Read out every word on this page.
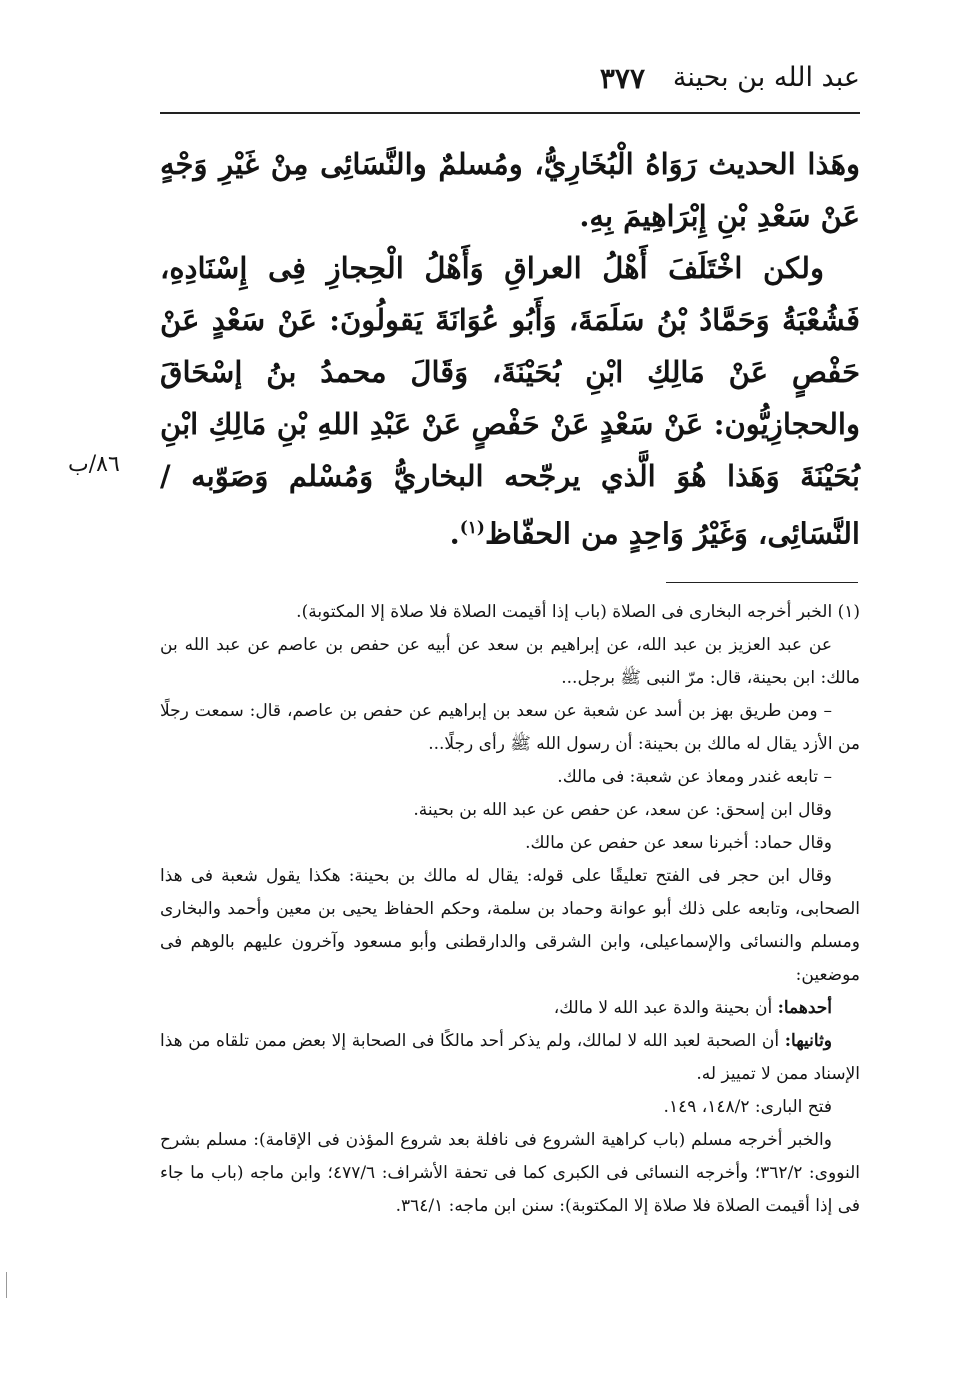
عبد الله بن بحينة
٣٧٧

وهَذا الحديث رَوَاهُ الْبُخَارِيُّ، ومُسلمٌ والنَّسَائِى مِنْ غَيْرِ وَجْهٍ عَنْ سَعْدِ بْنِ إِبْرَاهِيمَ بِهِ.

ولكن اخْتَلَفَ أَهْلُ العراقِ وَأَهْلُ الْحِجازِ فِى إِسْنَادِهِ، فَشُعْبَةُ وَحَمَّادُ بْنُ سَلَمَةَ، وَأَبُو عُوَانَةَ يَقولُونَ: عَنْ سَعْدٍ عَنْ حَفْصٍ عَنْ مَالِكِ ابْنِ بُحَيْنَةَ، وَقَالَ محمدُ بنُ إسْحَاقَ والحجازِيُّون: عَنْ سَعْدٍ عَنْ حَفْصٍ عَنْ عَبْدِ اللهِ بْنِ مَالِكِ ابْنِ بُحَيْنَةَ وَهَذا هُوَ الَّذي يرجّحه البخاريُّ وَمُسْلم وَصَوّبه / النَّسَائِى، وَغَيْرُ وَاحِدٍ من الحفّاظ$^{(١)}$.

٨٦/ب

(١) الخبر أخرجه البخارى فى الصلاة (باب إذا أقيمت الصلاة فلا صلاة إلا المكتوبة).

عن عبد العزيز بن عبد الله، عن إبراهيم بن سعد عن أبيه عن حفص بن عاصم عن عبد الله بن مالك: ابن بحينة، قال: مرّ النبى ﷺ برجل...

– ومن طريق بهز بن أسد عن شعبة عن سعد بن إبراهيم عن حفص بن عاصم، قال: سمعت رجلًا من الأزد يقال له مالك بن بحينة: أن رسول الله ﷺ رأى رجلًا...

– تابعه غندر ومعاذ عن شعبة: فى مالك.

وقال ابن إسحق: عن سعد، عن حفص عن عبد الله بن بحينة.

وقال حماد: أخبرنا سعد عن حفص عن مالك.

وقال ابن حجر فى الفتح تعليقًا على قوله: يقال له مالك بن بحينة: هكذا يقول شعبة فى هذا الصحابى، وتابعه على ذلك أبو عوانة وحماد بن سلمة، وحكم الحفاظ يحيى بن معين وأحمد والبخارى ومسلم والنسائى والإسماعيلى، وابن الشرقى والدارقطنى وأبو مسعود وآخرون عليهم بالوهم فى موضعين:

أحدهما: أن بحينة والدة عبد الله لا مالك،

وثانيها: أن الصحبة لعبد الله لا لمالك، ولم يذكر أحد مالكًا فى الصحابة إلا بعض ممن تلقاه من هذا الإسناد ممن لا تمييز له.

فتح البارى: ١٤٨/٢، ١٤٩.

والخبر أخرجه مسلم (باب كراهية الشروع فى نافلة بعد شروع المؤذن فى الإقامة): مسلم بشرح النووى: ٣٦٢/٢؛ وأخرجه النسائى فى الكبرى كما فى تحفة الأشراف: ٤٧٧/٦؛ وابن ماجه (باب ما جاء فى إذا أقيمت الصلاة فلا صلاة إلا المكتوبة): سنن ابن ماجه: ٣٦٤/١.
